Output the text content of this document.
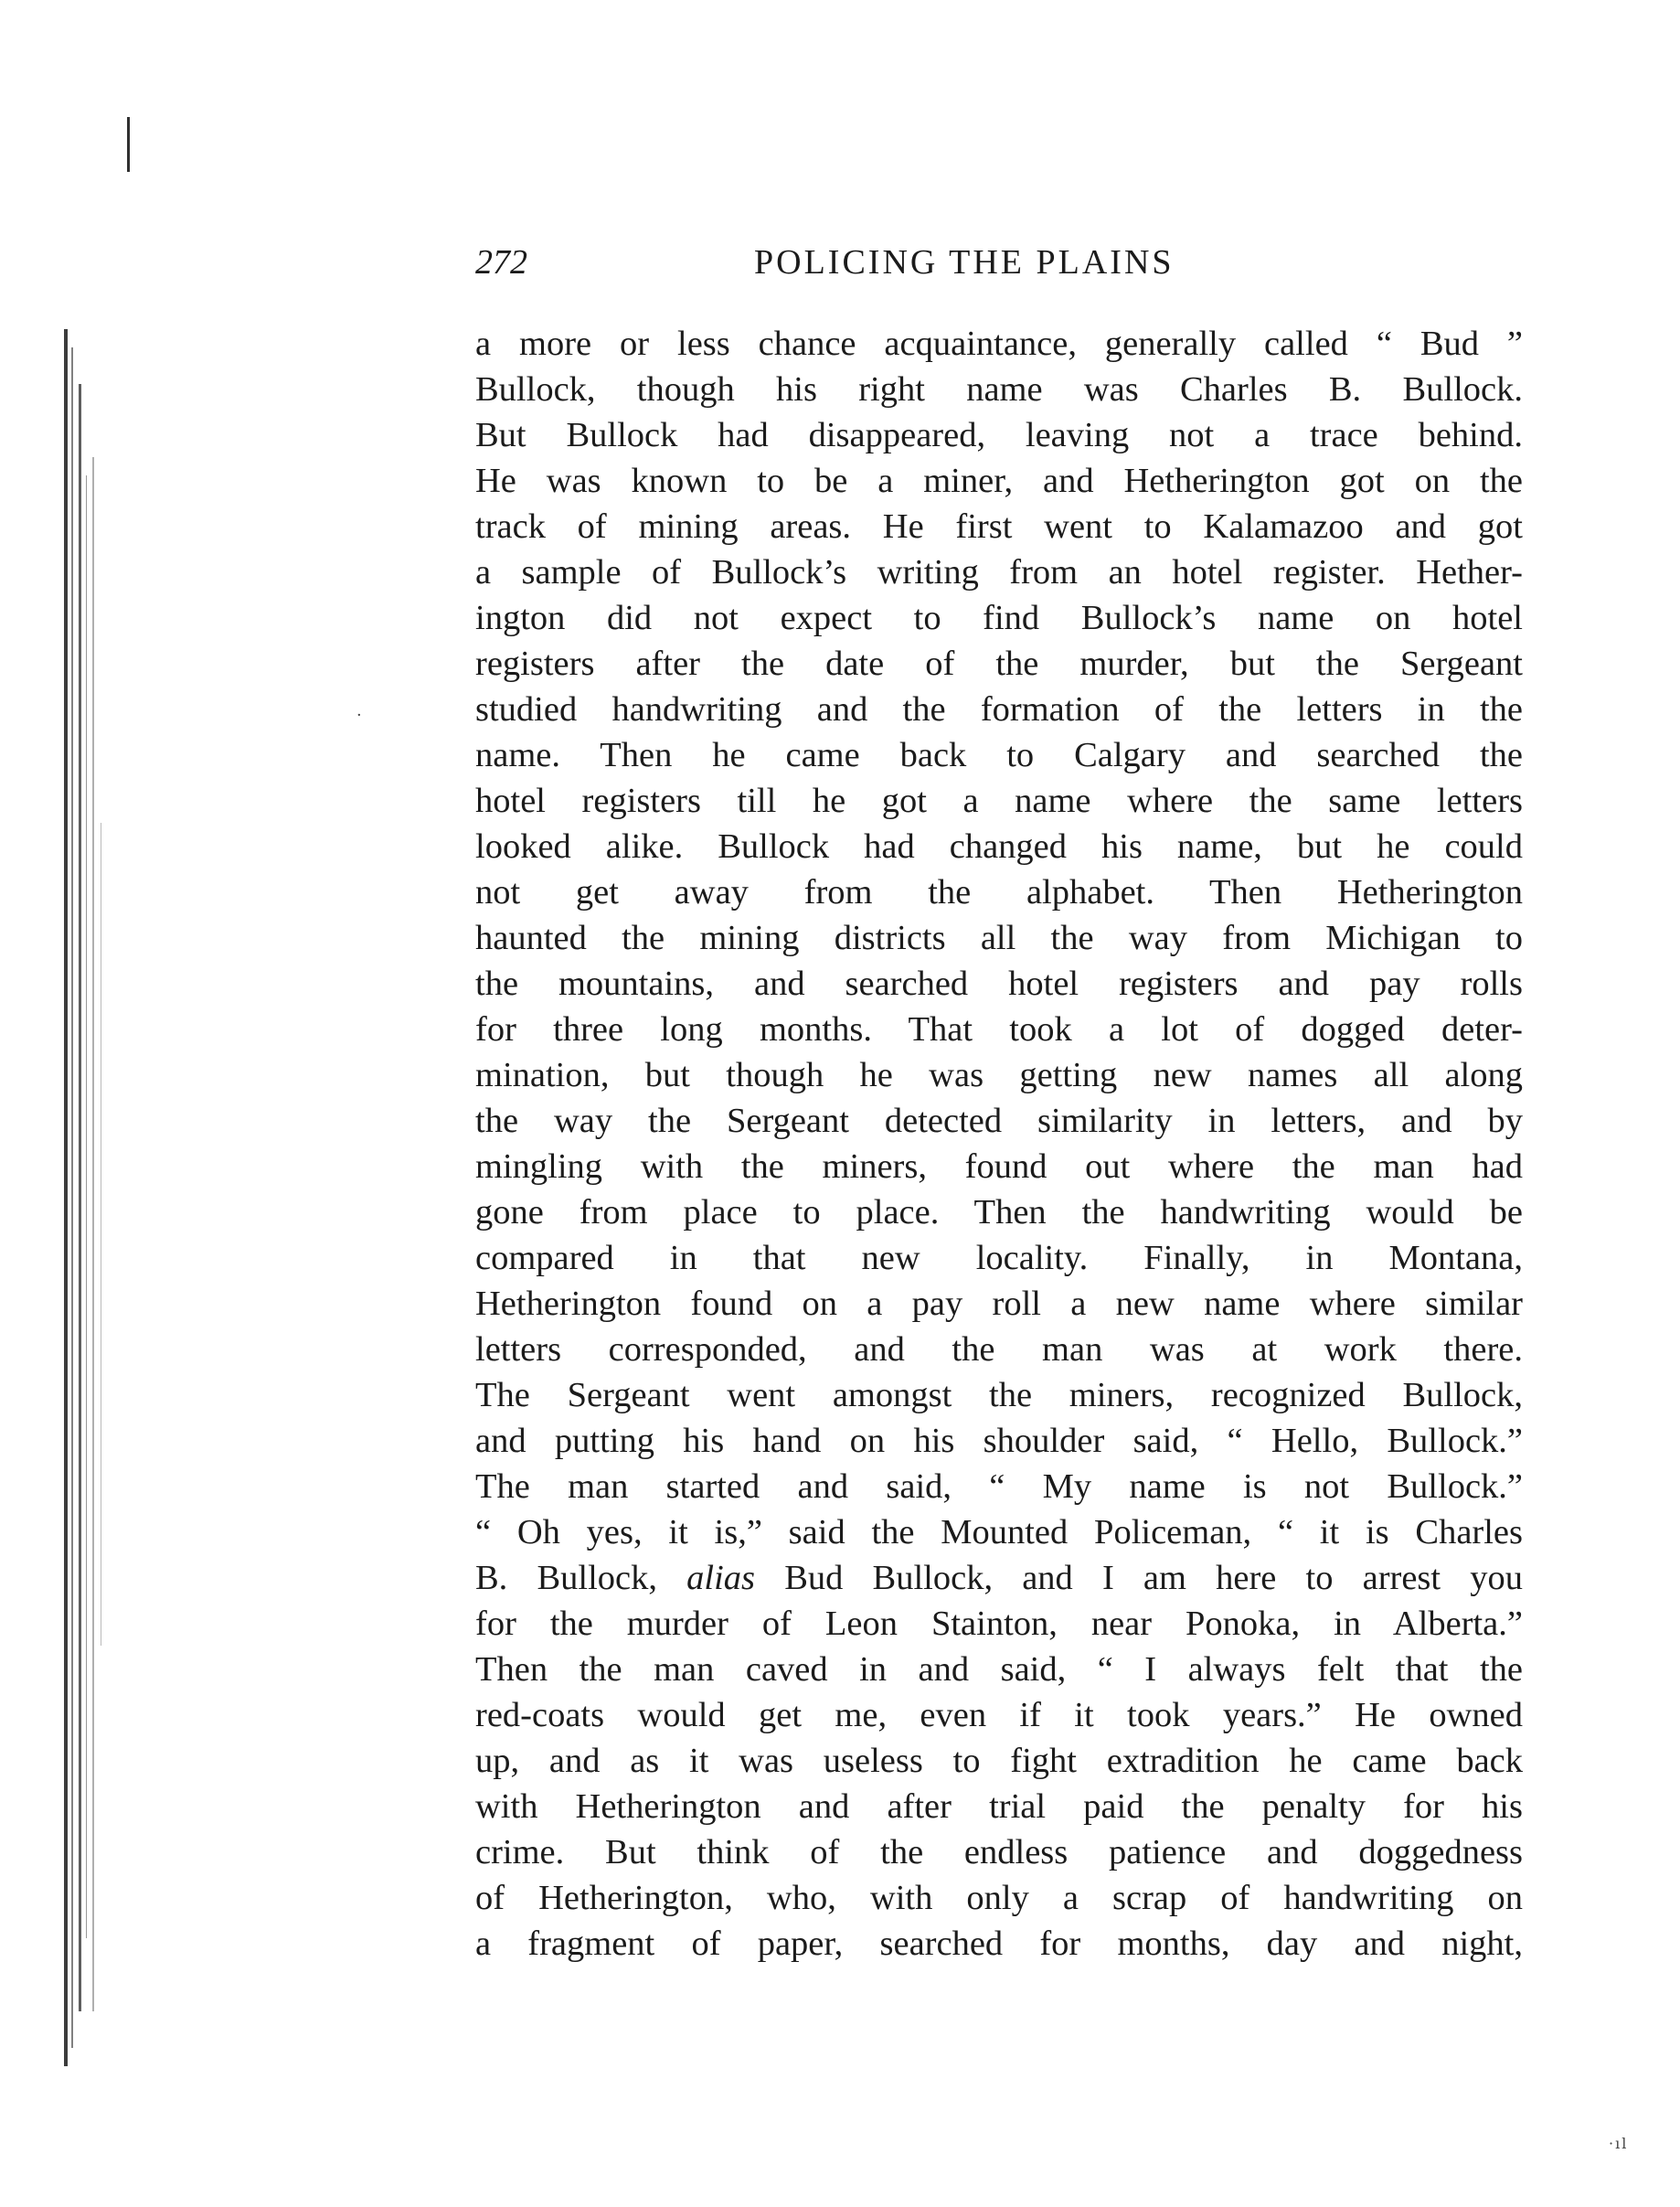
·
272	POLICING THE PLAINS
a more or less chance acquaintance, generally called “ Bud ”
Bullock, though his right name was Charles B. Bullock.
But Bullock had disappeared, leaving not a trace behind.
He was known to be a miner, and Hetherington got on the
track of mining areas. He first went to Kalamazoo and got
a sample of Bullock’s writing from an hotel register. Hether-
ington did not expect to find Bullock’s name on hotel
registers after the date of the murder, but the Sergeant
studied handwriting and the formation of the letters in the
name. Then he came back to Calgary and searched the
hotel registers till he got a name where the same letters
looked alike. Bullock had changed his name, but he could
not get away from the alphabet. Then Hetherington
haunted the mining districts all the way from Michigan to
the mountains, and searched hotel registers and pay rolls
for three long months. That took a lot of dogged deter-
mination, but though he was getting new names all along
the way the Sergeant detected similarity in letters, and by
mingling with the miners, found out where the man had
gone from place to place. Then the handwriting would be
compared in that new locality. Finally, in Montana,
Hetherington found on a pay roll a new name where similar
letters corresponded, and the man was at work there.
The Sergeant went amongst the miners, recognized Bullock,
and putting his hand on his shoulder said, “ Hello, Bullock.”
The man started and said, “ My name is not Bullock.”
“ Oh yes, it is,” said the Mounted Policeman, “ it is Charles
B. Bullock, alias Bud Bullock, and I am here to arrest you
for the murder of Leon Stainton, near Ponoka, in Alberta.”
Then the man caved in and said, “ I always felt that the
red-coats would get me, even if it took years.” He owned
up, and as it was useless to fight extradition he came back
with Hetherington and after trial paid the penalty for his
crime. But think of the endless patience and doggedness
of Hetherington, who, with only a scrap of handwriting on
a fragment of paper, searched for months, day and night,
·ıl
